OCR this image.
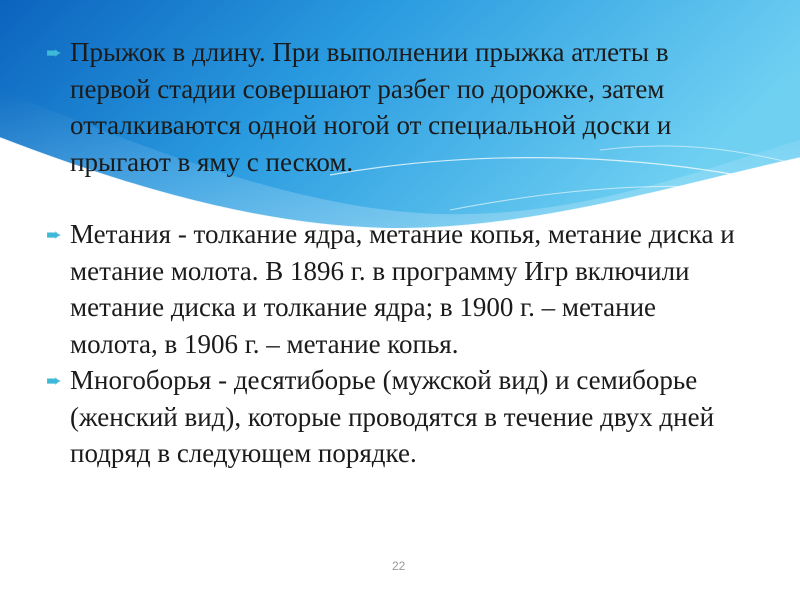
➨ Прыжок в длину. При выполнении прыжка атлеты в первой стадии совершают разбег по дорожке, затем отталкиваются одной ногой от специальной доски и прыгают в яму с песком.
➨ Метания - толкание ядра, метание копья, метание диска и метание молота. В 1896 г. в программу Игр включили метание диска и толкание ядра; в 1900 г. – метание молота, в 1906 г. – метание копья.
➨ Многоборья - десятиборье (мужской вид) и семиборье (женский вид), которые проводятся в течение двух дней подряд в следующем порядке.
22
